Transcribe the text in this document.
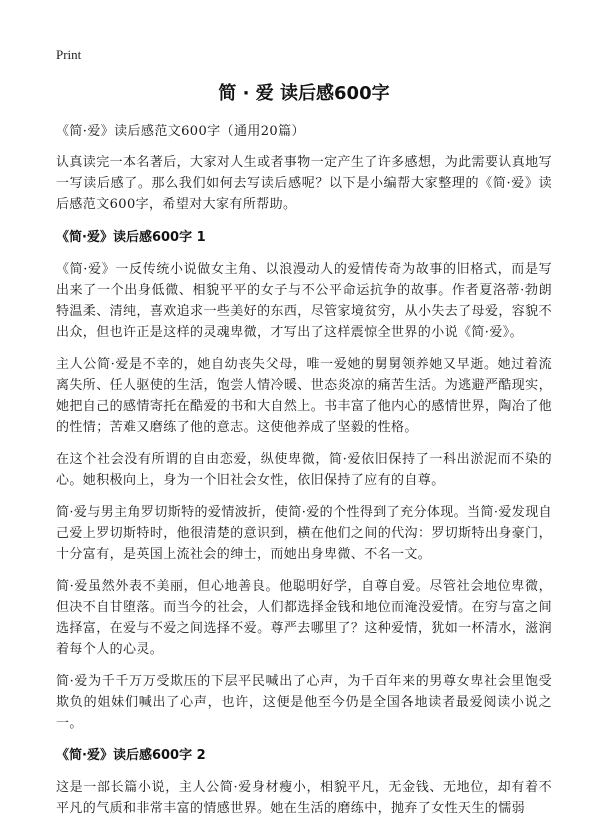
Print
简 · 爱 读后感600字

《简·爱》读后感范文600字（通用20篇）

认真读完一本名著后，大家对人生或者事物一定产生了许多感想，为此需要认真地写一写读后感了。那么我们如何去写读后感呢？以下是小编帮大家整理的《简·爱》读后感范文600字，希望对大家有所帮助。

《简·爱》读后感600字 1

《简·爱》一反传统小说做女主角、以浪漫动人的爱情传奇为故事的旧格式，而是写出来了一个出身低微、相貌平平的女子与不公平命运抗争的故事。作者夏洛蒂·勃朗特温柔、清纯，喜欢追求一些美好的东西，尽管家境贫穷，从小失去了母爱，容貌不出众，但也许正是这样的灵魂卑微，才写出了这样震惊全世界的小说《简·爱》。

主人公简·爱是不幸的，她自幼丧失父母，唯一爱她的舅舅领养她又早逝。她过着流离失所、任人驱使的生活，饱尝人情冷暖、世态炎凉的痛苦生活。为逃避严酷现实，她把自己的感情寄托在酷爱的书和大自然上。书丰富了他内心的感情世界，陶冶了他的性情；苦难又磨练了他的意志。这使他养成了坚毅的性格。

在这个社会没有所谓的自由恋爱，纵使卑微，简·爱依旧保持了一科出淤泥而不染的心。她积极向上，身为一个旧社会女性，依旧保持了应有的自尊。

简·爱与男主角罗切斯特的爱情波折，使简·爱的个性得到了充分体现。当简·爱发现自己爱上罗切斯特时，他很清楚的意识到，横在他们之间的代沟：罗切斯特出身豪门，十分富有，是英国上流社会的绅士，而她出身卑微、不名一文。

简·爱虽然外表不美丽，但心地善良。他聪明好学，自尊自爱。尽管社会地位卑微，但决不自甘堕落。而当今的社会，人们都选择金钱和地位而淹没爱情。在穷与富之间选择富，在爱与不爱之间选择不爱。尊严去哪里了？这种爱情，犹如一杯清水，滋润着每个人的心灵。

简·爱为千千万万受欺压的下层平民喊出了心声，为千百年来的男尊女卑社会里饱受欺负的姐妹们喊出了心声，也许，这便是他至今仍是全国各地读者最爱阅读小说之一。

《简·爱》读后感600字 2

这是一部长篇小说，主人公简·爱身材瘦小，相貌平凡，无金钱、无地位，却有着不平凡的气质和非常丰富的情感世界。她在生活的磨练中，抛弃了女性天生的懦弱
